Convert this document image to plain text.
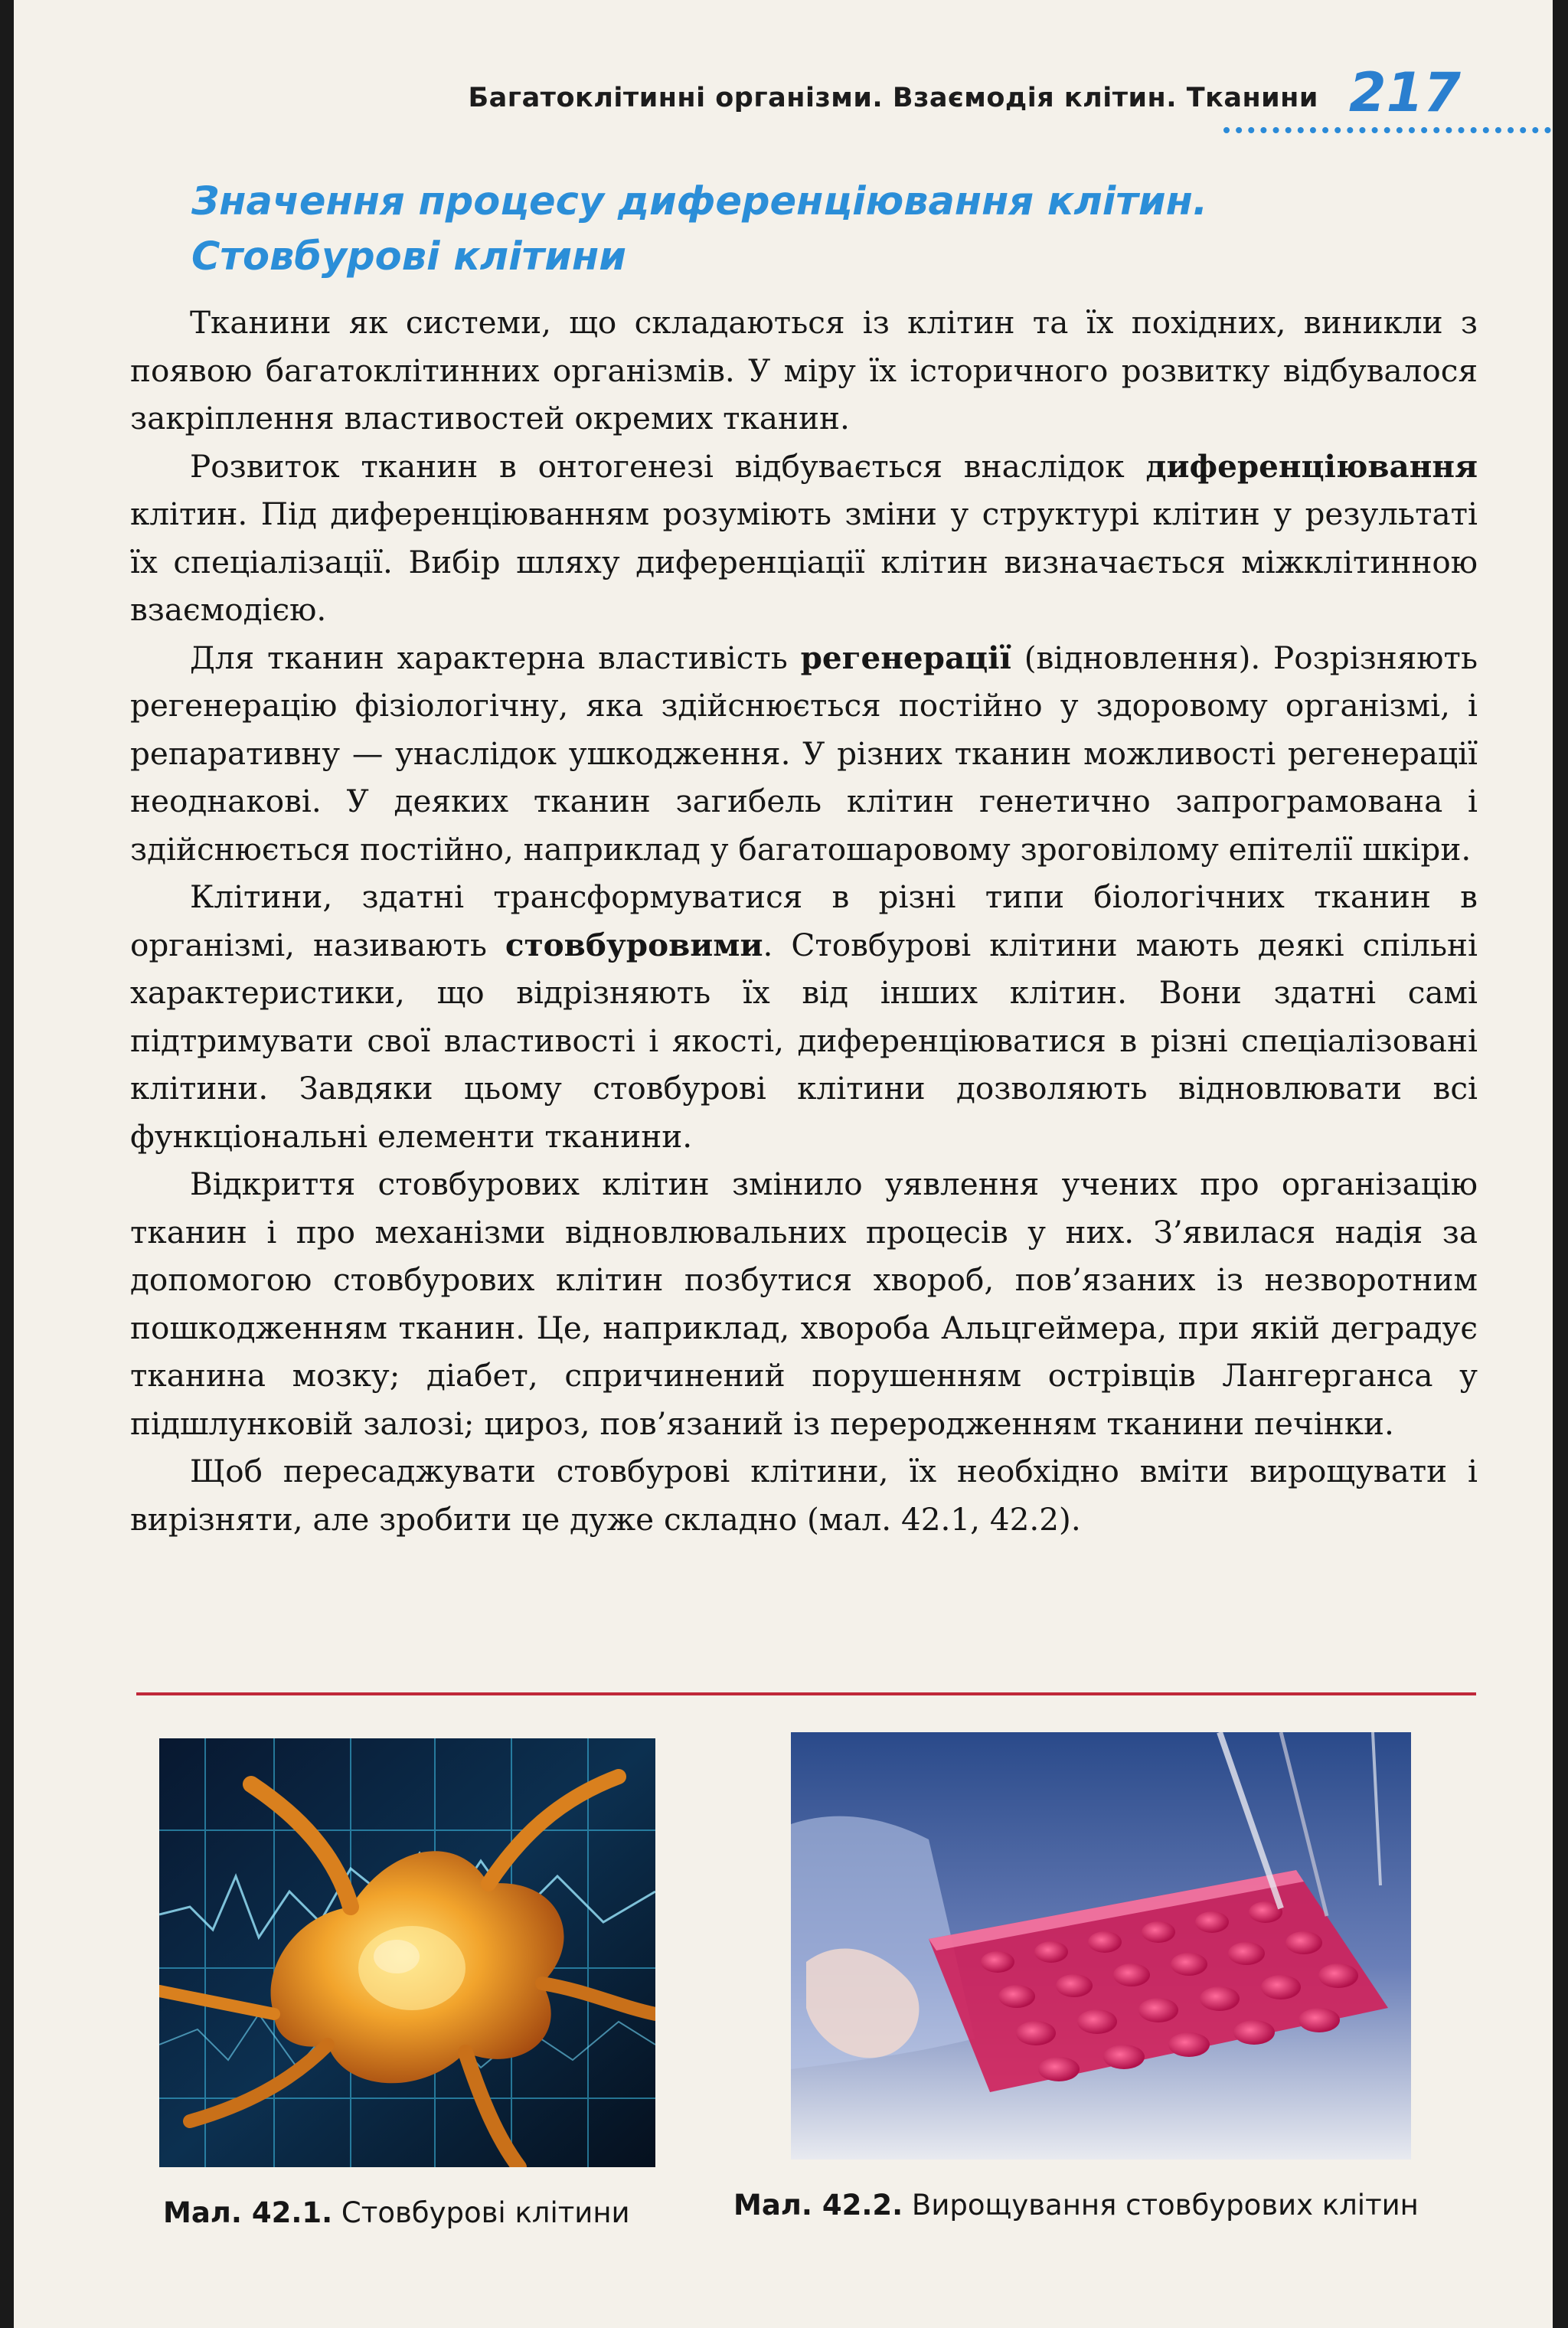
Багатоклітинні організми. Взаємодія клітин. Тканини 217
Значення процесу диференціювання клітин.
Стовбурові клітини

Тканини як системи, що складаються із клітин та їх похідних, виникли з появою багатоклітинних організмів. У міру їх історичного розвитку відбувалося закріплення властивостей окремих тканин.

Розвиток тканин в онтогенезі відбувається внаслідок диференціювання клітин. Під диференціюванням розуміють зміни у структурі клітин у результаті їх спеціалізації. Вибір шляху диференціації клітин визначається міжклітинною взаємодією.

Для тканин характерна властивість регенерації (відновлення). Розрізняють регенерацію фізіологічну, яка здійснюється постійно у здоровому організмі, і репаративну — унаслідок ушкодження. У різних тканин можливості регенерації неоднакові. У деяких тканин загибель клітин генетично запрограмована і здійснюється постійно, наприклад у багатошаровому зроговілому епітелії шкіри.

Клітини, здатні трансформуватися в різні типи біологічних тканин в організмі, називають стовбуровими. Стовбурові клітини мають деякі спільні характеристики, що відрізняють їх від інших клітин. Вони здатні самі підтримувати свої властивості і якості, диференціюватися в різні спеціалізовані клітини. Завдяки цьому стовбурові клітини дозволяють відновлювати всі функціональні елементи тканини.

Відкриття стовбурових клітин змінило уявлення учених про організацію тканин і про механізми відновлювальних процесів у них. З’явилася надія за допомогою стовбурових клітин позбутися хвороб, пов’язаних із незворотним пошкодженням тканин. Це, наприклад, хвороба Альцгеймера, при якій деградує тканина мозку; діабет, спричинений порушенням острівців Лангерганса у підшлунковій залозі; цироз, пов’язаний із переродженням тканини печінки.

Щоб пересаджувати стовбурові клітини, їх необхідно вміти вирощувати і вирізняти, але зробити це дуже складно (мал. 42.1, 42.2).

Мал. 42.1. Стовбурові клітини	Мал. 42.2. Вирощування стовбурових клітин
